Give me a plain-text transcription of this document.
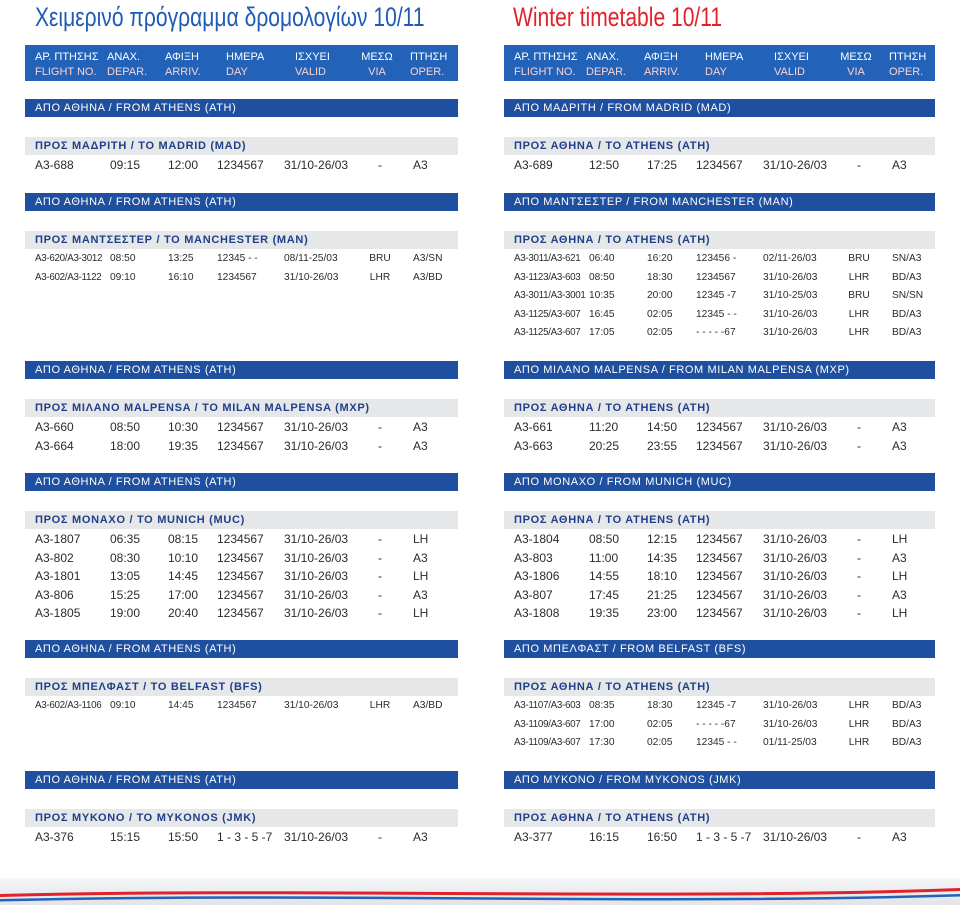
Χειμερινό πρόγραμμα δρομολογίων 10/11	Winter timetable 10/11
ΑΡ. ΠΤΗΣΗΣ ΑΝΑΧ. ΑΦΙΞΗ ΗΜΕΡΑ	ΙΣΧΥΕΙ	ΜΕΣΩ	ΠΤΗΣΗ
FLIGHT NO. DEPAR. ARRIV. DAY	VALID	VIA	OPER.
ΑΠΟ ΑΘΗΝΑ / FROM ATHENS (ATH)
ΠΡΟΣ ΜΑΔΡΙΤΗ / TO MADRID (MAD)
A3-688	09:15 12:00 1234567 31/10-26/03	-	A3
ΑΠΟ ΑΘΗΝΑ / FROM ATHENS (ATH)
ΠΡΟΣ ΜΑΝΤΣΕΣΤΕΡ / TO MANCHESTER (MAN)
A3-620/A3-3012 08:50	13:25 12345 - -	08/11-25/03	BRU	A3/SN
A3-602/A3-1122 09:10	16:10 1234567	31/10-26/03	LHR	A3/BD
ΑΠΟ ΑΘΗΝΑ / FROM ATHENS (ATH)
ΠΡΟΣ ΜΙΛΑΝΟ MALPENSA / TO MILAN MALPENSA (MXP)
A3-660	08:50 10:30 1234567 31/10-26/03	-	A3
A3-664	18:00 19:35 1234567 31/10-26/03	-	A3
ΑΠΟ ΑΘΗΝΑ / FROM ATHENS (ATH)
ΠΡΟΣ ΜΟΝΑΧΟ / TO MUNICH (MUC)
A3-1807 06:35 08:15 1234567 31/10-26/03	-	LH
A3-802	08:30 10:10 1234567 31/10-26/03	-	A3
A3-1801 13:05 14:45 1234567 31/10-26/03	-	LH
A3-806	15:25 17:00 1234567 31/10-26/03	-	A3
A3-1805 19:00 20:40 1234567 31/10-26/03	-	LH
ΑΠΟ ΑΘΗΝΑ / FROM ATHENS (ATH)
ΠΡΟΣ ΜΠΕΛΦΑΣΤ / TO BELFAST (BFS)
A3-602/A3-1106 09:10	14:45 1234567	31/10-26/03	LHR	A3/BD
ΑΠΟ ΑΘΗΝΑ / FROM ATHENS (ATH)
ΠΡΟΣ ΜΥΚΟΝΟ / TO MYKONOS (JMK)
A3-376	15:15 15:50 1 - 3 - 5 -7 31/10-26/03	-	A3
ΑΡ. ΠΤΗΣΗΣ ΑΝΑΧ. ΑΦΙΞΗ ΗΜΕΡΑ	ΙΣΧΥΕΙ	ΜΕΣΩ	ΠΤΗΣΗ
FLIGHT NO. DEPAR. ARRIV. DAY	VALID	VIA	OPER.
ΑΠΟ ΜΑΔΡΙΤΗ / FROM MADRID (MAD)
ΠΡΟΣ ΑΘΗΝΑ / TO ATHENS (ATH)
A3-689	12:50 17:25 1234567 31/10-26/03	-	A3
ΑΠΟ ΜΑΝΤΣΕΣΤΕΡ / FROM MANCHESTER (MAN)
ΠΡΟΣ ΑΘΗΝΑ / TO ATHENS (ATH)
A3-3011/A3-621 06:40	16:20 123456 -	02/11-26/03	BRU	SN/A3
A3-1123/A3-603 08:50	18:30 1234567	31/10-26/03	LHR	BD/A3
A3-3011/A3-3001 10:35	20:00 12345 -7	31/10-25/03	BRU	SN/SN
A3-1125/A3-607 16:45	02:05 12345 - -	31/10-26/03	LHR	BD/A3
A3-1125/A3-607 17:05	02:05 - - - - -67	31/10-26/03	LHR	BD/A3
ΑΠΟ ΜΙΛΑΝΟ MALPENSA / FROM MILAN MALPENSA (MXP)
ΠΡΟΣ ΑΘΗΝΑ / TO ATHENS (ATH)
A3-661	11:20 14:50 1234567 31/10-26/03	-	A3
A3-663	20:25 23:55 1234567 31/10-26/03	-	A3
ΑΠΟ ΜΟΝΑΧΟ / FROM MUNICH (MUC)
ΠΡΟΣ ΑΘΗΝΑ / TO ATHENS (ATH)
A3-1804 08:50 12:15 1234567 31/10-26/03	-	LH
A3-803	11:00 14:35 1234567 31/10-26/03	-	A3
A3-1806 14:55 18:10 1234567 31/10-26/03	-	LH
A3-807	17:45 21:25 1234567 31/10-26/03	-	A3
A3-1808 19:35 23:00 1234567 31/10-26/03	-	LH
ΑΠΟ ΜΠΕΛΦΑΣΤ / FROM BELFAST (BFS)
ΠΡΟΣ ΑΘΗΝΑ / TO ATHENS (ATH)
A3-1107/A3-603 08:35	18:30 12345 -7	31/10-26/03	LHR	BD/A3
A3-1109/A3-607 17:00	02:05 - - - - -67	31/10-26/03	LHR	BD/A3
A3-1109/A3-607 17:30	02:05 12345 - -	01/11-25/03	LHR	BD/A3
ΑΠΟ ΜΥΚΟΝΟ / FROM MYKONOS (JMK)
ΠΡΟΣ ΑΘΗΝΑ / TO ATHENS (ATH)
A3-377	16:15 16:50 1 - 3 - 5 -7 31/10-26/03	-	A3
